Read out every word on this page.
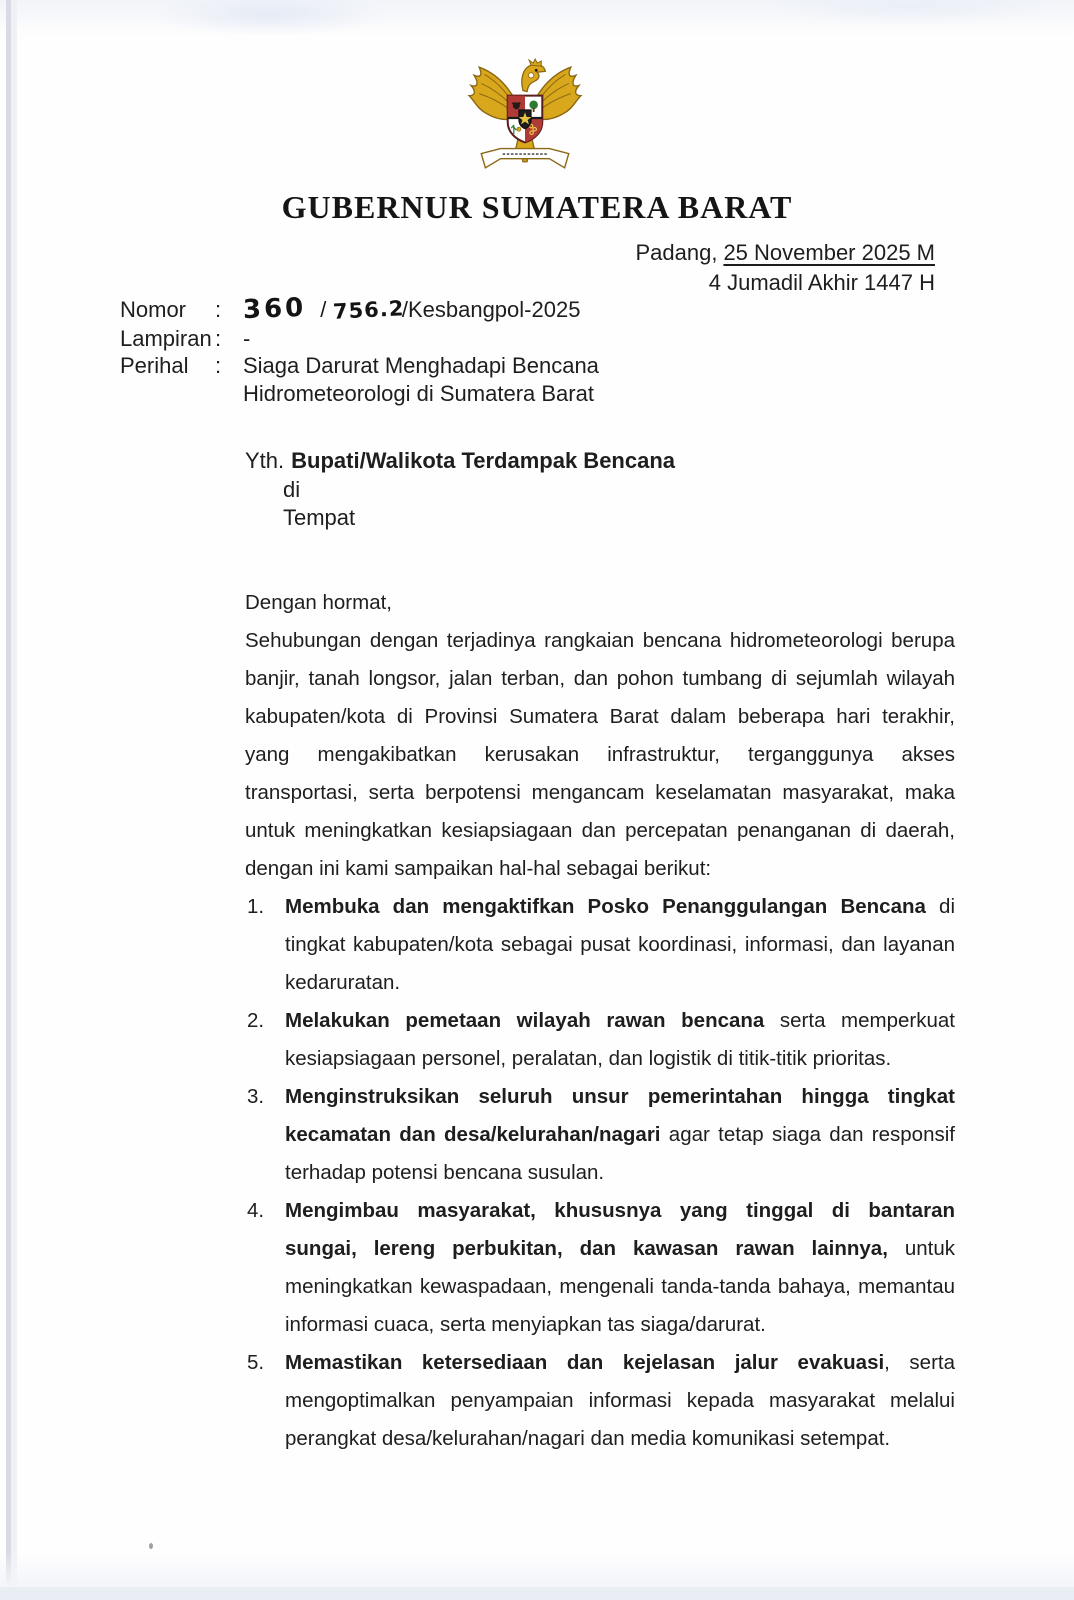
GUBERNUR SUMATERA BARAT
Padang, 25 November 2025 M
4 Jumadil Akhir 1447 H
Nomor	: 360 / 756.2/Kesbangpol-2025
Lampiran : -
Perihal	: Siaga Darurat Menghadapi Bencana
Hidrometeorologi di Sumatera Barat
Yth. Bupati/Walikota Terdampak Bencana
di
Tempat

Dengan hormat,

Sehubungan dengan terjadinya rangkaian bencana hidrometeorologi berupa banjir, tanah longsor, jalan terban, dan pohon tumbang di sejumlah wilayah kabupaten/kota di Provinsi Sumatera Barat dalam beberapa hari terakhir, yang mengakibatkan kerusakan infrastruktur, terganggunya akses transportasi, serta berpotensi mengancam keselamatan masyarakat, maka untuk meningkatkan kesiapsiagaan dan percepatan penanganan di daerah, dengan ini kami sampaikan hal-hal sebagai berikut:

1. Membuka dan mengaktifkan Posko Penanggulangan Bencana di tingkat kabupaten/kota sebagai pusat koordinasi, informasi, dan layanan kedaruratan.
2. Melakukan pemetaan wilayah rawan bencana serta memperkuat kesiapsiagaan personel, peralatan, dan logistik di titik-titik prioritas.
3. Menginstruksikan seluruh unsur pemerintahan hingga tingkat kecamatan dan desa/kelurahan/nagari agar tetap siaga dan responsif terhadap potensi bencana susulan.
4. Mengimbau masyarakat, khususnya yang tinggal di bantaran sungai, lereng perbukitan, dan kawasan rawan lainnya, untuk meningkatkan kewaspadaan, mengenali tanda-tanda bahaya, memantau informasi cuaca, serta menyiapkan tas siaga/darurat.
5. Memastikan ketersediaan dan kejelasan jalur evakuasi, serta mengoptimalkan penyampaian informasi kepada masyarakat melalui perangkat desa/kelurahan/nagari dan media komunikasi setempat.
